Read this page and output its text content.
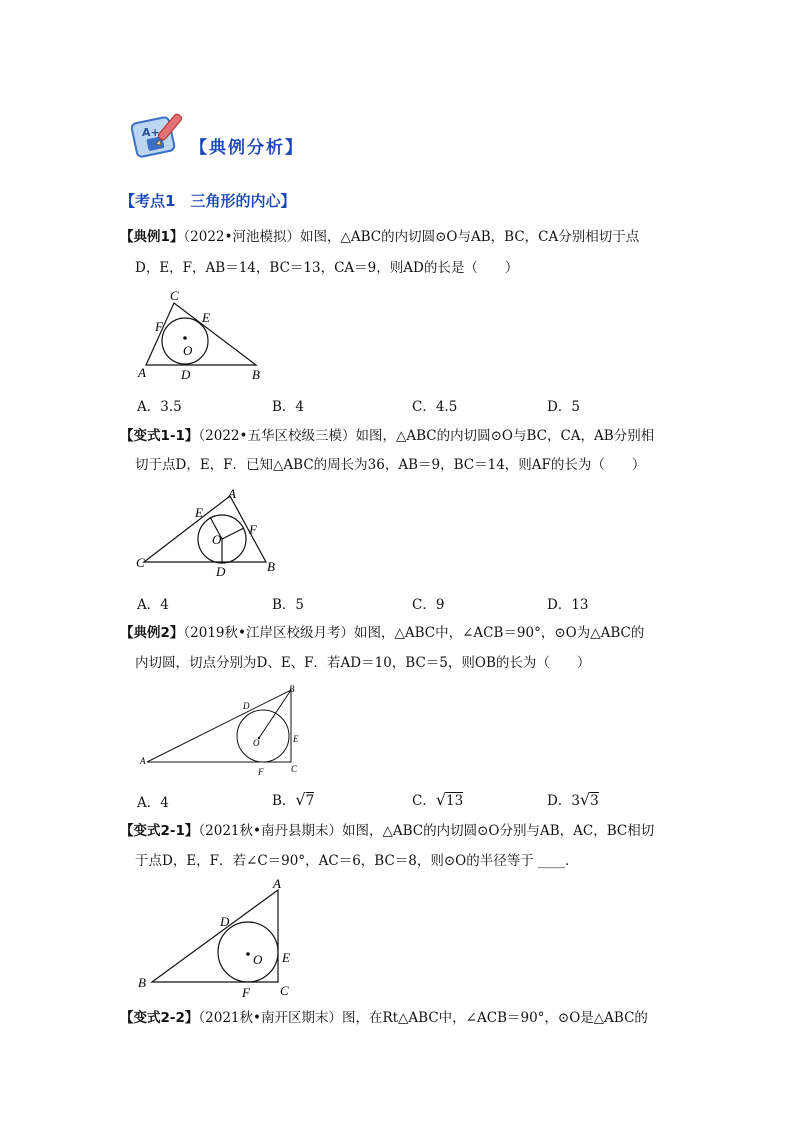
A+
【典例分析】
【考点1　三角形的内心】
【典例1】（2022•河池模拟）如图，△ABC的内切圆⊙O与AB，BC，CA分别相切于点
D，E，F，AB＝14，BC＝13，CA＝9，则AD的长是（　　）
C
F
E
O
A	D	B
A．3.5	B．4	C．4.5	D．5
【变式1-1】（2022•五华区校级三模）如图，△ABC的内切圆⊙O与BC，CA，AB分别相
切于点D，E，F．已知△ABC的周长为36，AB＝9，BC＝14，则AF的长为（　　）
A
E
F
O
C
D	B
A．4	B．5	C．9	D．13
【典例2】（2019秋•江岸区校级月考）如图，△ABC中，∠ACB＝90°，⊙O为△ABC的
内切圆，切点分别为D、E、F．若AD＝10，BC＝5，则OB的长为（　　）
B
D
O	E
A
F	C
A．4	B．√7	C．√13	D．3√3
【变式2-1】（2021秋•南丹县期末）如图，△ABC的内切圆⊙O分别与AB，AC，BC相切
于点D，E，F．若∠C＝90°，AC＝6，BC＝8，则⊙O的半径等于 ____．
A
D
O E
B
F C
【变式2-2】（2021秋•南开区期末）图，在Rt△ABC中，∠ACB＝90°，⊙O是△ABC的
